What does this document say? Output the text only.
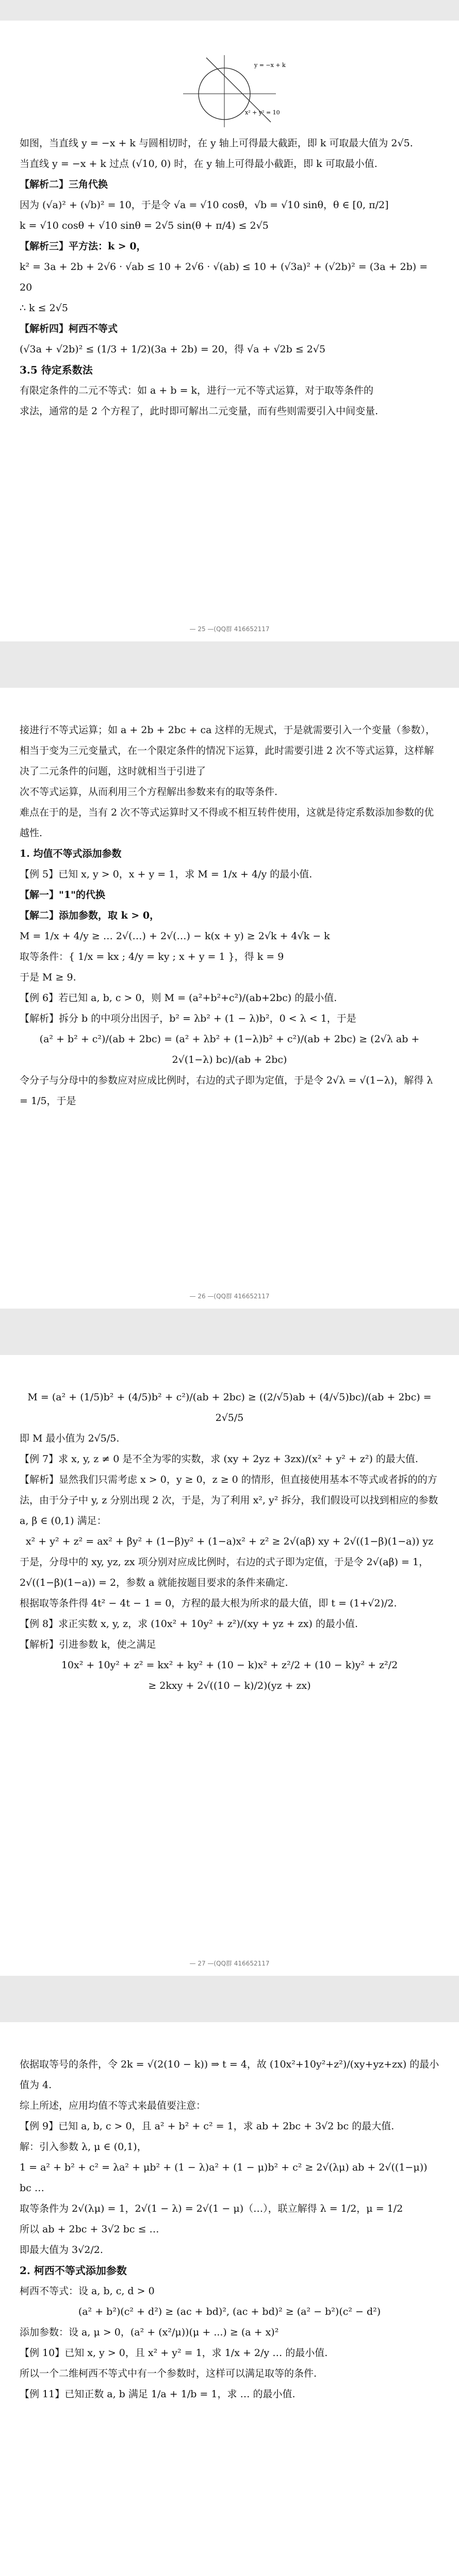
y = −x + k
x² + y² = 10

如图，当直线 y = −x + k 与圆相切时，在 y 轴上可得最大截距，即 k 可取最大值为 2√5.

当直线 y = −x + k 过点 (√10, 0) 时，在 y 轴上可得最小截距，即 k 可取最小值.

【解析二】三角代换

因为 (√a)² + (√b)² = 10，于是令 √a = √10 cosθ，√b = √10 sinθ，θ ∈ [0, π/2]

k = √10 cosθ + √10 sinθ = 2√5 sin(θ + π/4) ≤ 2√5

【解析三】平方法：k > 0，

k² = 3a + 2b + 2√6 · √ab ≤ 10 + 2√6 · √(ab) ≤ 10 + (√3a)² + (√2b)² = (3a + 2b) = 20

∴ k ≤ 2√5

【解析四】柯西不等式

(√3a + √2b)² ≤ (1/3 + 1/2)(3a + 2b) = 20，得 √a + √2b ≤ 2√5

3.5 待定系数法

有限定条件的二元不等式：如 a + b = k，进行一元不等式运算，对于取等条件的

求法，通常的是 2 个方程了，此时即可解出二元变量，而有些则需要引入中间变量.

— 25 —(QQ群 416652117

接进行不等式运算；如 a + 2b + 2bc + ca 这样的无规式，于是就需要引入一个变量（参数），相当于变为三元变量式，在一个限定条件的情况下运算，此时需要引进 2 次不等式运算，这样解决了二元条件的问题，这时就相当于引进了

次不等式运算，从而利用三个方程解出参数来有的取等条件.

难点在于的是，当有 2 次不等式运算时又不得或不相互转件使用，这就是待定系数添加参数的优越性.

1. 均值不等式添加参数

【例 5】已知 x, y > 0，x + y = 1，求 M = 1/x + 4/y 的最小值.

【解一】"1"的代换

【解二】添加参数，取 k > 0，

M = 1/x + 4/y ≥ … 2√(…) + 2√(…) − k(x + y) ≥ 2√k + 4√k − k

取等条件：{ 1/x = kx ; 4/y = ky ; x + y = 1 }，得 k = 9

于是 M ≥ 9.

【例 6】若已知 a, b, c > 0，则 M = (a²+b²+c²)/(ab+2bc) 的最小值.

【解析】拆分 b 的中项分出因子，b² = λb² + (1 − λ)b²，0 < λ < 1，于是

(a² + b² + c²)/(ab + 2bc) = (a² + λb² + (1−λ)b² + c²)/(ab + 2bc) ≥ (2√λ ab + 2√(1−λ) bc)/(ab + 2bc)

令分子与分母中的参数应对应成比例时，右边的式子即为定值，于是令 2√λ = √(1−λ)，解得 λ = 1/5，于是

— 26 —(QQ群 416652117

M = (a² + (1/5)b² + (4/5)b² + c²)/(ab + 2bc) ≥ ((2/√5)ab + (4/√5)bc)/(ab + 2bc) = 2√5/5

即 M 最小值为 2√5/5.

【例 7】求 x, y, z ≠ 0 是不全为零的实数，求 (xy + 2yz + 3zx)/(x² + y² + z²) 的最大值.

【解析】显然我们只需考虑 x > 0，y ≥ 0，z ≥ 0 的情形，但直接使用基本不等式或者拆的的方法，由于分子中 y, z 分别出现 2 次，于是，为了利用 x², y² 拆分，我们假设可以找到相应的参数 a, β ∈ (0,1) 满足：

x² + y² + z² = ax² + βy² + (1−β)y² + (1−a)x² + z² ≥ 2√(aβ) xy + 2√((1−β)(1−a)) yz

于是，分母中的 xy, yz, zx 项分别对应成比例时，右边的式子即为定值，于是令 2√(aβ) = 1，2√((1−β)(1−a)) = 2，参数 a 就能按题目要求的条件来确定.

根据取等条件得 4t² − 4t − 1 = 0，方程的最大根为所求的最大值，即 t = (1+√2)/2.

【例 8】求正实数 x, y, z，求 (10x² + 10y² + z²)/(xy + yz + zx) 的最小值.

【解析】引进参数 k，使之满足

10x² + 10y² + z² = kx² + ky² + (10 − k)x² + z²/2 + (10 − k)y² + z²/2

≥ 2kxy + 2√((10 − k)/2)(yz + zx)

— 27 —(QQ群 416652117

依据取等号的条件，令 2k = √(2(10 − k)) ⇒ t = 4，故 (10x²+10y²+z²)/(xy+yz+zx) 的最小值为 4.

综上所述，应用均值不等式来最值要注意：

【例 9】已知 a, b, c > 0，且 a² + b² + c² = 1，求 ab + 2bc + 3√2 bc 的最大值.

解：引入参数 λ, μ ∈ (0,1)，

1 = a² + b² + c² = λa² + μb² + (1 − λ)a² + (1 − μ)b² + c² ≥ 2√(λμ) ab + 2√((1−μ)) bc …

取等条件为 2√(λμ) = 1，2√(1 − λ) = 2√(1 − μ)（…），联立解得 λ = 1/2，μ = 1/2

所以 ab + 2bc + 3√2 bc ≤ …

即最大值为 3√2/2.

2. 柯西不等式添加参数

柯西不等式：设 a, b, c, d > 0

(a² + b²)(c² + d²) ≥ (ac + bd)², (ac + bd)² ≥ (a² − b²)(c² − d²)

添加参数：设 a, μ > 0，(a² + (x²/μ))(μ + ...) ≥ (a + x)²

【例 10】已知 x, y > 0，且 x² + y² = 1，求 1/x + 2/y … 的最小值.

所以一个二维柯西不等式中有一个参数时，这样可以满足取等的条件.

【例 11】已知正数 a, b 满足 1/a + 1/b = 1，求 … 的最小值.
